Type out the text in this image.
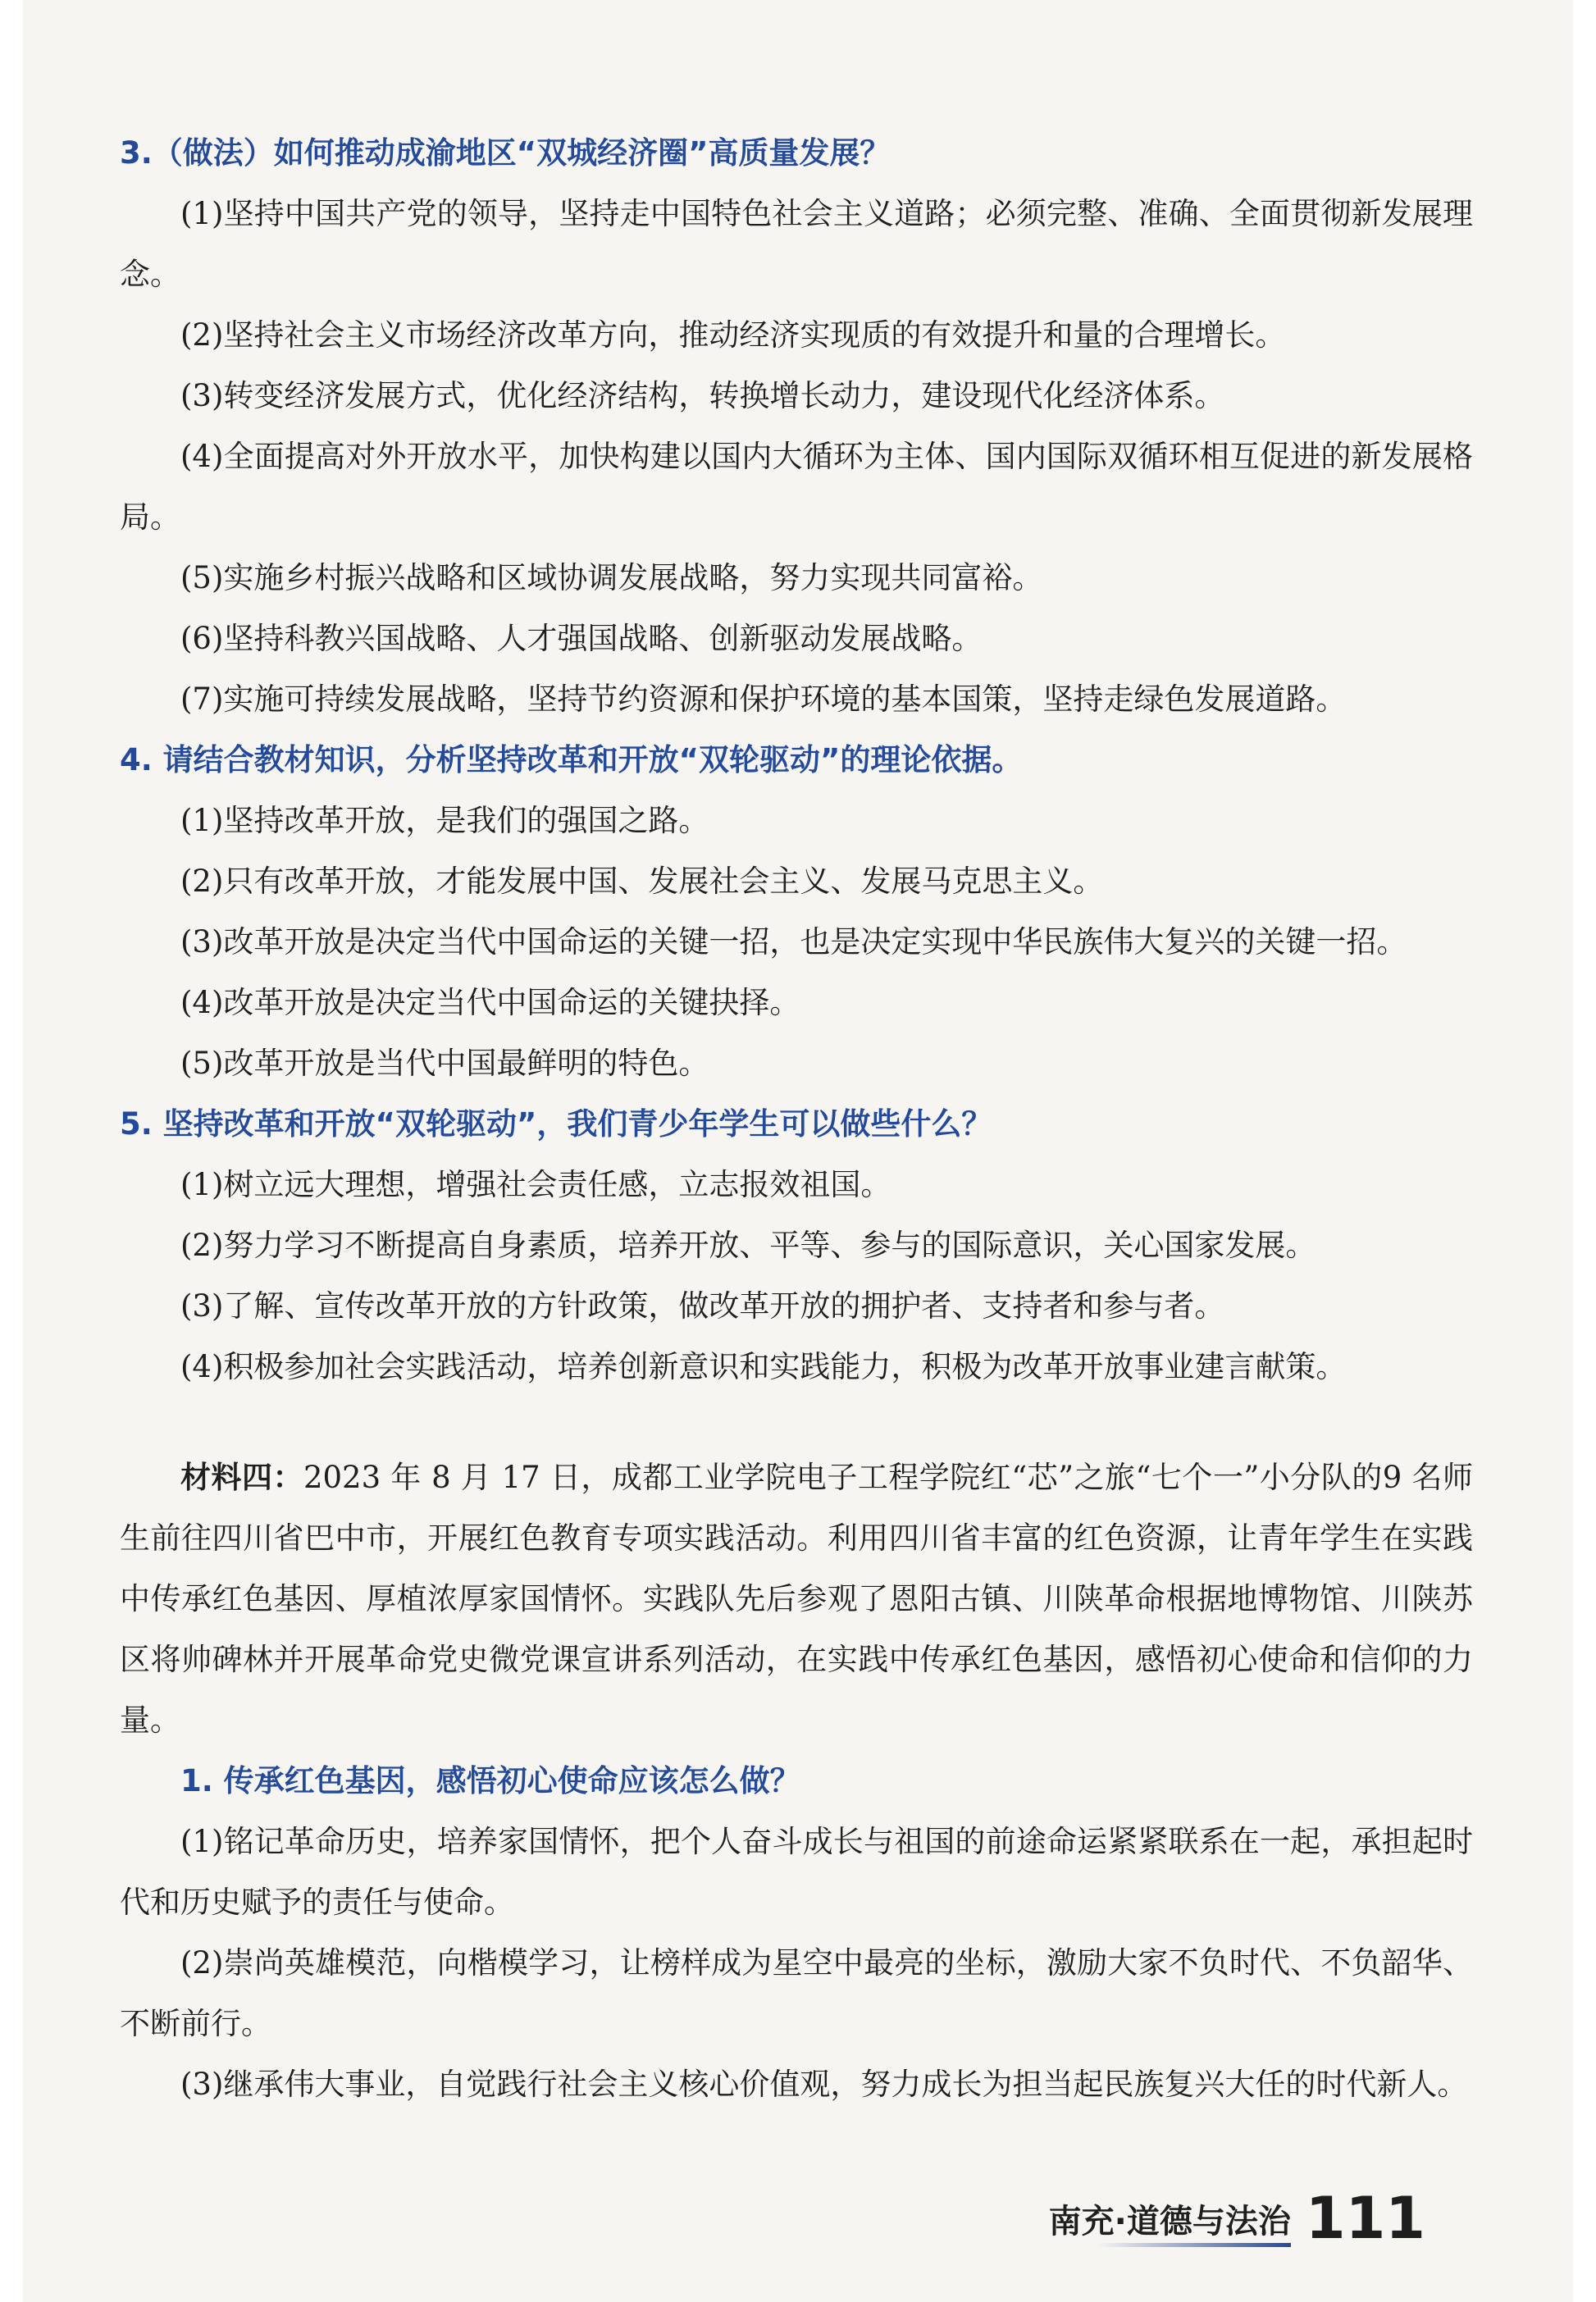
3.（做法）如何推动成渝地区“双城经济圈”高质量发展？

(1)坚持中国共产党的领导，坚持走中国特色社会主义道路；必须完整、准确、全面贯彻新发展理念。

(2)坚持社会主义市场经济改革方向，推动经济实现质的有效提升和量的合理增长。

(3)转变经济发展方式，优化经济结构，转换增长动力，建设现代化经济体系。

(4)全面提高对外开放水平，加快构建以国内大循环为主体、国内国际双循环相互促进的新发展格局。

(5)实施乡村振兴战略和区域协调发展战略，努力实现共同富裕。

(6)坚持科教兴国战略、人才强国战略、创新驱动发展战略。

(7)实施可持续发展战略，坚持节约资源和保护环境的基本国策，坚持走绿色发展道路。

4. 请结合教材知识，分析坚持改革和开放“双轮驱动”的理论依据。

(1)坚持改革开放，是我们的强国之路。

(2)只有改革开放，才能发展中国、发展社会主义、发展马克思主义。

(3)改革开放是决定当代中国命运的关键一招，也是决定实现中华民族伟大复兴的关键一招。

(4)改革开放是决定当代中国命运的关键抉择。

(5)改革开放是当代中国最鲜明的特色。

5. 坚持改革和开放“双轮驱动”，我们青少年学生可以做些什么？

(1)树立远大理想，增强社会责任感，立志报效祖国。

(2)努力学习不断提高自身素质，培养开放、平等、参与的国际意识，关心国家发展。

(3)了解、宣传改革开放的方针政策，做改革开放的拥护者、支持者和参与者。

(4)积极参加社会实践活动，培养创新意识和实践能力，积极为改革开放事业建言献策。

材料四：2023 年 8 月 17 日，成都工业学院电子工程学院红“芯”之旅“七个一”小分队的9 名师生前往四川省巴中市，开展红色教育专项实践活动。利用四川省丰富的红色资源，让青年学生在实践中传承红色基因、厚植浓厚家国情怀。实践队先后参观了恩阳古镇、川陕革命根据地博物馆、川陕苏区将帅碑林并开展革命党史微党课宣讲系列活动，在实践中传承红色基因，感悟初心使命和信仰的力量。

1. 传承红色基因，感悟初心使命应该怎么做？

(1)铭记革命历史，培养家国情怀，把个人奋斗成长与祖国的前途命运紧紧联系在一起，承担起时代和历史赋予的责任与使命。

(2)崇尚英雄模范，向楷模学习，让榜样成为星空中最亮的坐标，激励大家不负时代、不负韶华、不断前行。

(3)继承伟大事业，自觉践行社会主义核心价值观，努力成长为担当起民族复兴大任的时代新人。

南充·道德与法治 111
